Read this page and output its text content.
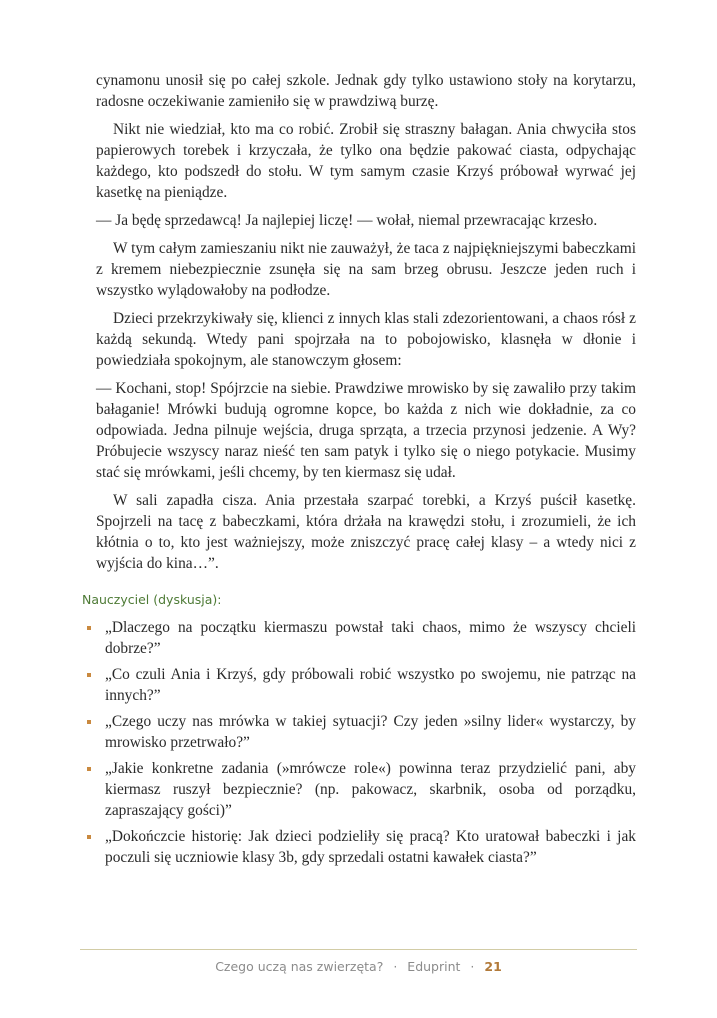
cynamonu unosił się po całej szkole. Jednak gdy tylko ustawiono stoły na korytarzu, radosne oczekiwanie zamieniło się w prawdziwą burzę.

Nikt nie wiedział, kto ma co robić. Zrobił się straszny bałagan. Ania chwyciła stos papierowych torebek i krzyczała, że tylko ona będzie pakować ciasta, odpychając każdego, kto podszedł do stołu. W tym samym czasie Krzyś próbował wyrwać jej kasetkę na pieniądze.

— Ja będę sprzedawcą! Ja najlepiej liczę! — wołał, niemal przewracając krzesło.

W tym całym zamieszaniu nikt nie zauważył, że taca z najpiękniejszymi babeczkami z kremem niebezpiecznie zsunęła się na sam brzeg obrusu. Jeszcze jeden ruch i wszystko wylądowałoby na podłodze.

Dzieci przekrzykiwały się, klienci z innych klas stali zdezorientowani, a chaos rósł z każdą sekundą. Wtedy pani spojrzała na to pobojowisko, klasnęła w dłonie i powiedziała spokojnym, ale stanowczym głosem:

— Kochani, stop! Spójrzcie na siebie. Prawdziwe mrowisko by się zawaliło przy takim bałaganie! Mrówki budują ogromne kopce, bo każda z nich wie dokładnie, za co odpowiada. Jedna pilnuje wejścia, druga sprząta, a trzecia przynosi jedzenie. A Wy? Próbujecie wszyscy naraz nieść ten sam patyk i tylko się o niego potykacie. Musimy stać się mrówkami, jeśli chcemy, by ten kiermasz się udał.

W sali zapadła cisza. Ania przestała szarpać torebki, a Krzyś puścił kasetkę. Spojrzeli na tacę z babeczkami, która drżała na krawędzi stołu, i zrozumieli, że ich kłótnia o to, kto jest ważniejszy, może zniszczyć pracę całej klasy – a wtedy nici z wyjścia do kina…”.

Nauczyciel (dyskusja):
„Dlaczego na początku kiermaszu powstał taki chaos, mimo że wszyscy chcieli dobrze?”
„Co czuli Ania i Krzyś, gdy próbowali robić wszystko po swojemu, nie patrząc na innych?”
„Czego uczy nas mrówka w takiej sytuacji? Czy jeden »silny lider« wystarczy, by mrowisko przetrwało?”
„Jakie konkretne zadania (»mrówcze role«) powinna teraz przydzielić pani, aby kiermasz ruszył bezpiecznie? (np. pakowacz, skarbnik, osoba od porządku, zapraszający gości)”
„Dokończcie historię: Jak dzieci podzieliły się pracą? Kto uratował babeczki i jak poczuli się uczniowie klasy 3b, gdy sprzedali ostatni kawałek ciasta?”
Czego uczą nas zwierzęta? · Eduprint · 21
